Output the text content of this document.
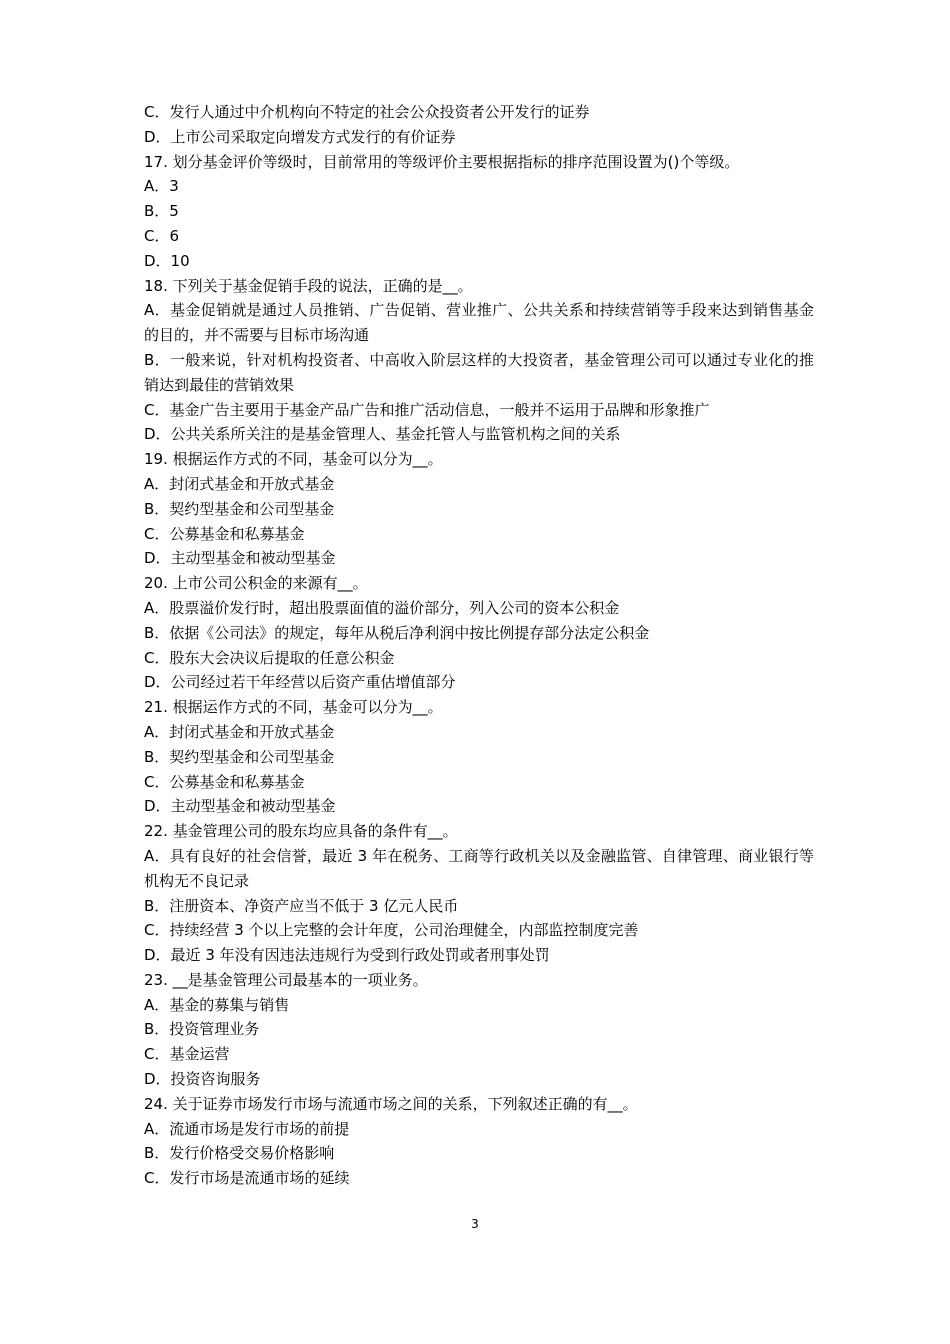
C．发行人通过中介机构向不特定的社会公众投资者公开发行的证券

D．上市公司采取定向增发方式发行的有价证券

17. 划分基金评价等级时，目前常用的等级评价主要根据指标的排序范围设置为()个等级。

A．3

B．5

C．6

D．10

18. 下列关于基金促销手段的说法，正确的是__。

A．基金促销就是通过人员推销、广告促销、营业推广、公共关系和持续营销等手段来达到销售基金的目的，并不需要与目标市场沟通

B．一般来说，针对机构投资者、中高收入阶层这样的大投资者，基金管理公司可以通过专业化的推销达到最佳的营销效果

C．基金广告主要用于基金产品广告和推广活动信息，一般并不运用于品牌和形象推广

D．公共关系所关注的是基金管理人、基金托管人与监管机构之间的关系

19. 根据运作方式的不同，基金可以分为__。

A．封闭式基金和开放式基金

B．契约型基金和公司型基金

C．公募基金和私募基金

D．主动型基金和被动型基金

20. 上市公司公积金的来源有__。

A．股票溢价发行时，超出股票面值的溢价部分，列入公司的资本公积金

B．依据《公司法》的规定，每年从税后净利润中按比例提存部分法定公积金

C．股东大会决议后提取的任意公积金

D．公司经过若干年经营以后资产重估增值部分

21. 根据运作方式的不同，基金可以分为__。

A．封闭式基金和开放式基金

B．契约型基金和公司型基金

C．公募基金和私募基金

D．主动型基金和被动型基金

22. 基金管理公司的股东均应具备的条件有__。

A．具有良好的社会信誉，最近 3 年在税务、工商等行政机关以及金融监管、自律管理、商业银行等机构无不良记录

B．注册资本、净资产应当不低于 3 亿元人民币

C．持续经营 3 个以上完整的会计年度，公司治理健全，内部监控制度完善

D．最近 3 年没有因违法违规行为受到行政处罚或者刑事处罚

23. __是基金管理公司最基本的一项业务。

A．基金的募集与销售

B．投资管理业务

C．基金运营

D．投资咨询服务

24. 关于证券市场发行市场与流通市场之间的关系，下列叙述正确的有__。

A．流通市场是发行市场的前提

B．发行价格受交易价格影响

C．发行市场是流通市场的延续

3
